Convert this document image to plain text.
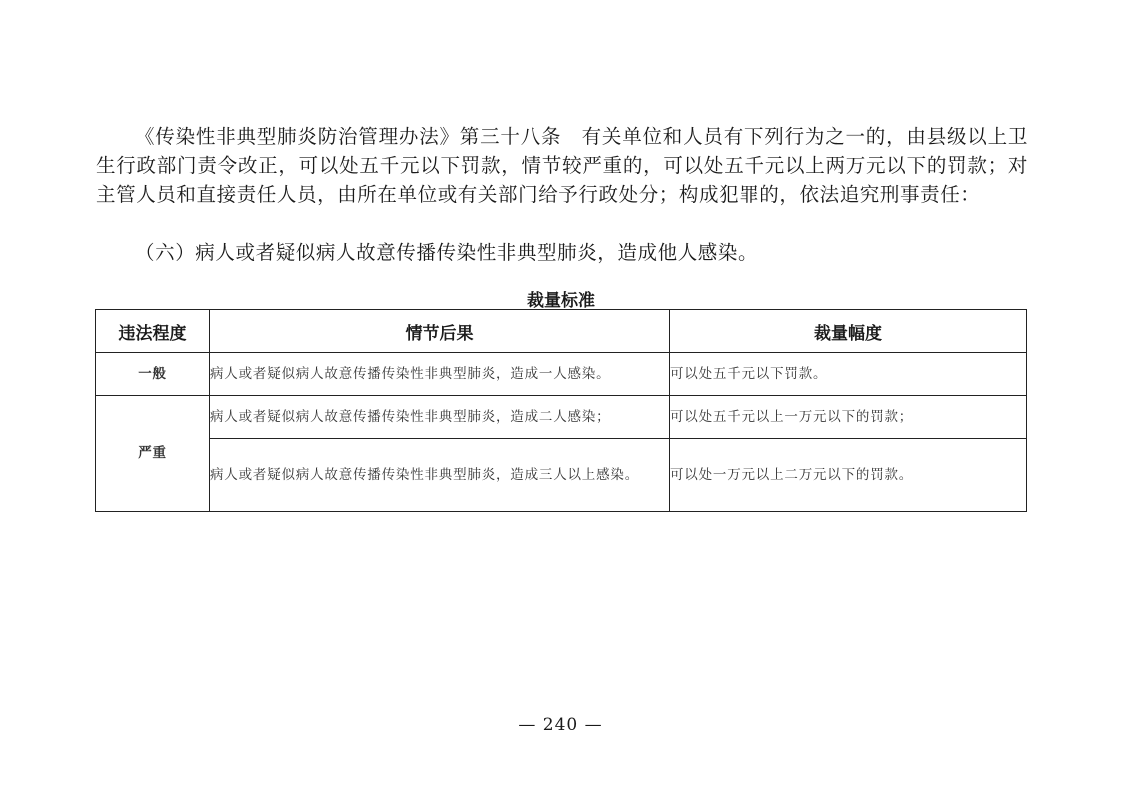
《传染性非典型肺炎防治管理办法》第三十八条　有关单位和人员有下列行为之一的，由县级以上卫生行政部门责令改正，可以处五千元以下罚款，情节较严重的，可以处五千元以上两万元以下的罚款；对主管人员和直接责任人员，由所在单位或有关部门给予行政处分；构成犯罪的，依法追究刑事责任：
（六）病人或者疑似病人故意传播传染性非典型肺炎，造成他人感染。
裁量标准
违法程度	情节后果	裁量幅度
一般	病人或者疑似病人故意传播传染性非典型肺炎，造成一人感染。	可以处五千元以下罚款。
严重	病人或者疑似病人故意传播传染性非典型肺炎，造成二人感染；	可以处五千元以上一万元以下的罚款；
	病人或者疑似病人故意传播传染性非典型肺炎，造成三人以上感染。	可以处一万元以上二万元以下的罚款。
— 240 —
